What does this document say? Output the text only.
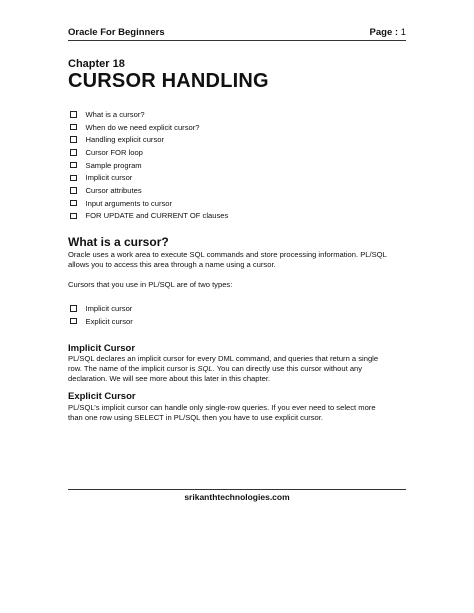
Oracle For Beginners	Page : 1
Chapter 18
CURSOR HANDLING
What is a cursor?
When do we need explicit cursor?
Handling explicit cursor
Cursor FOR loop
Sample program
Implicit cursor
Cursor attributes
Input arguments to cursor
FOR UPDATE and CURRENT OF clauses
What is a cursor?

Oracle uses a work area to execute SQL commands and store processing information. PL/SQL
allows you to access this area through a name using a cursor.

Cursors that you use in PL/SQL are of two types:

Implicit cursor
Explicit cursor
Implicit Cursor

PL/SQL declares an implicit cursor for every DML command, and queries that return a single
row. The name of the implicit cursor is SQL. You can directly use this cursor without any
declaration. We will see more about this later in this chapter.

Explicit Cursor

PL/SQL’s implicit cursor can handle only single-row queries. If you ever need to select more
than one row using SELECT in PL/SQL then you have to use explicit cursor.

srikanthtechnologies.com
